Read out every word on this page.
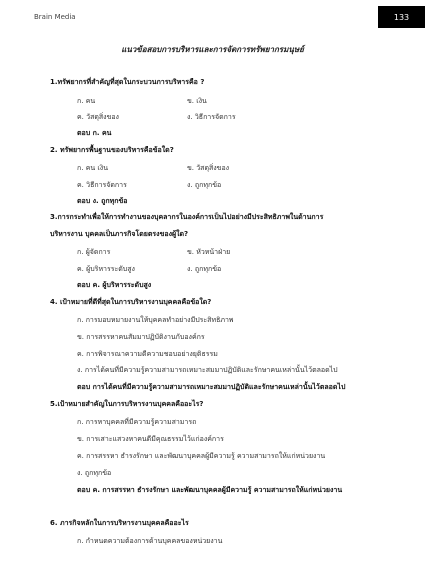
Brain Media	133
แนวข้อสอบการบริหารและการจัดการทรัพยากรมนุษย์
1.ทรัพยากรที่สำคัญที่สุดในกระบวนการบริหารคือ ?
ก. คน	ข. เงิน
ค. วัสดุสิ่งของ	ง. วิธีการจัดการ
ตอบ ก. คน
2. ทรัพยากรพื้นฐานของบริหารคือข้อใด?
ก. คน เงิน	ข. วัสดุสิ่งของ
ค. วิธีการจัดการ	ง. ถูกทุกข้อ
ตอบ ง. ถูกทุกข้อ
3.การกระทำเพื่อให้การทำงานของบุคลากรในองค์การเป็นไปอย่างมีประสิทธิภาพในด้านการ
บริหารงาน บุคคลเป็นภารกิจโดยตรงของผู้ใด?
ก. ผู้จัดการ	ข. หัวหน้าฝ่าย
ค. ผู้บริหารระดับสูง	ง. ถูกทุกข้อ
ตอบ ค. ผู้บริหารระดับสูง
4. เป้าหมายที่ดีที่สุดในการบริหารงานบุคคลคือข้อใด?
ก. การมอบหมายงานให้บุคคลทำอย่างมีประสิทธิภาพ
ข. การสรรหาคนสัมมาปฏิบัติงานกับองค์กร
ค. การพิจารณาความดีความชอบอย่างยุติธรรม
ง. การได้คนที่มีความรู้ความสามารถเหมาะสมมาปฏิบัติและรักษาคนเหล่านั้นไว้ตลอดไป
ตอบ การได้คนที่มีความรู้ความสามารถเหมาะสมมาปฏิบัติและรักษาคนเหล่านั้นไว้ตลอดไป
5.เป้าหมายสำคัญในการบริหารงานบุคคลคืออะไร?
ก. การหาบุคคลที่มีความรู้ความสามารถ
ข. การเสาะแสวงหาคนดีมีคุณธรรมไว้แก่องค์การ
ค. การสรรหา ธำรงรักษา และพัฒนาบุคคลผู้มีความรู้ ความสามารถให้แก่หน่วยงาน
ง. ถูกทุกข้อ
ตอบ ค. การสรรหา ธำรงรักษา และพัฒนาบุคคลผู้มีความรู้ ความสามารถให้แก่หน่วยงาน
6. ภารกิจหลักในการบริหารงานบุคคลคืออะไร
ก. กำหนดความต้องการด้านบุคคลของหน่วยงาน
